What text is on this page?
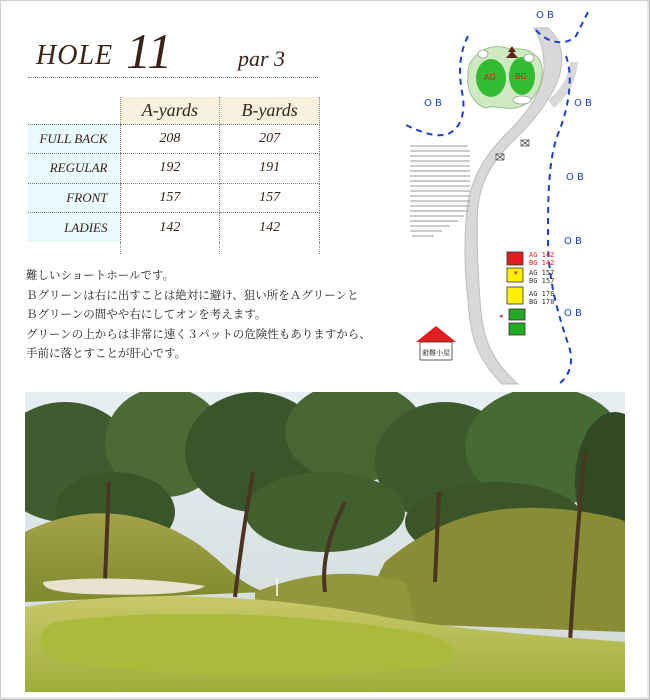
HOLE 11	par 3
	A-yards	B-yards
FULL BACK	208	207
REGULAR	192	191
FRONT	157	157
LADIES	142	142

難しいショートホールです。

Ｂグリーンは右に出すことは絶対に避け、狙い所をＡグリーンと

Ｂグリーンの間やや右にしてオンを考えます。

グリーンの上からは非常に速く３パットの危険性もありますから、

手前に落とすことが肝心です。

AG BG
O B
O B	O B
O B
O B
O B
▾
◂
AG 142
BG 142
AG 157
BG 157
AG 178
BG 178
避難小屋
